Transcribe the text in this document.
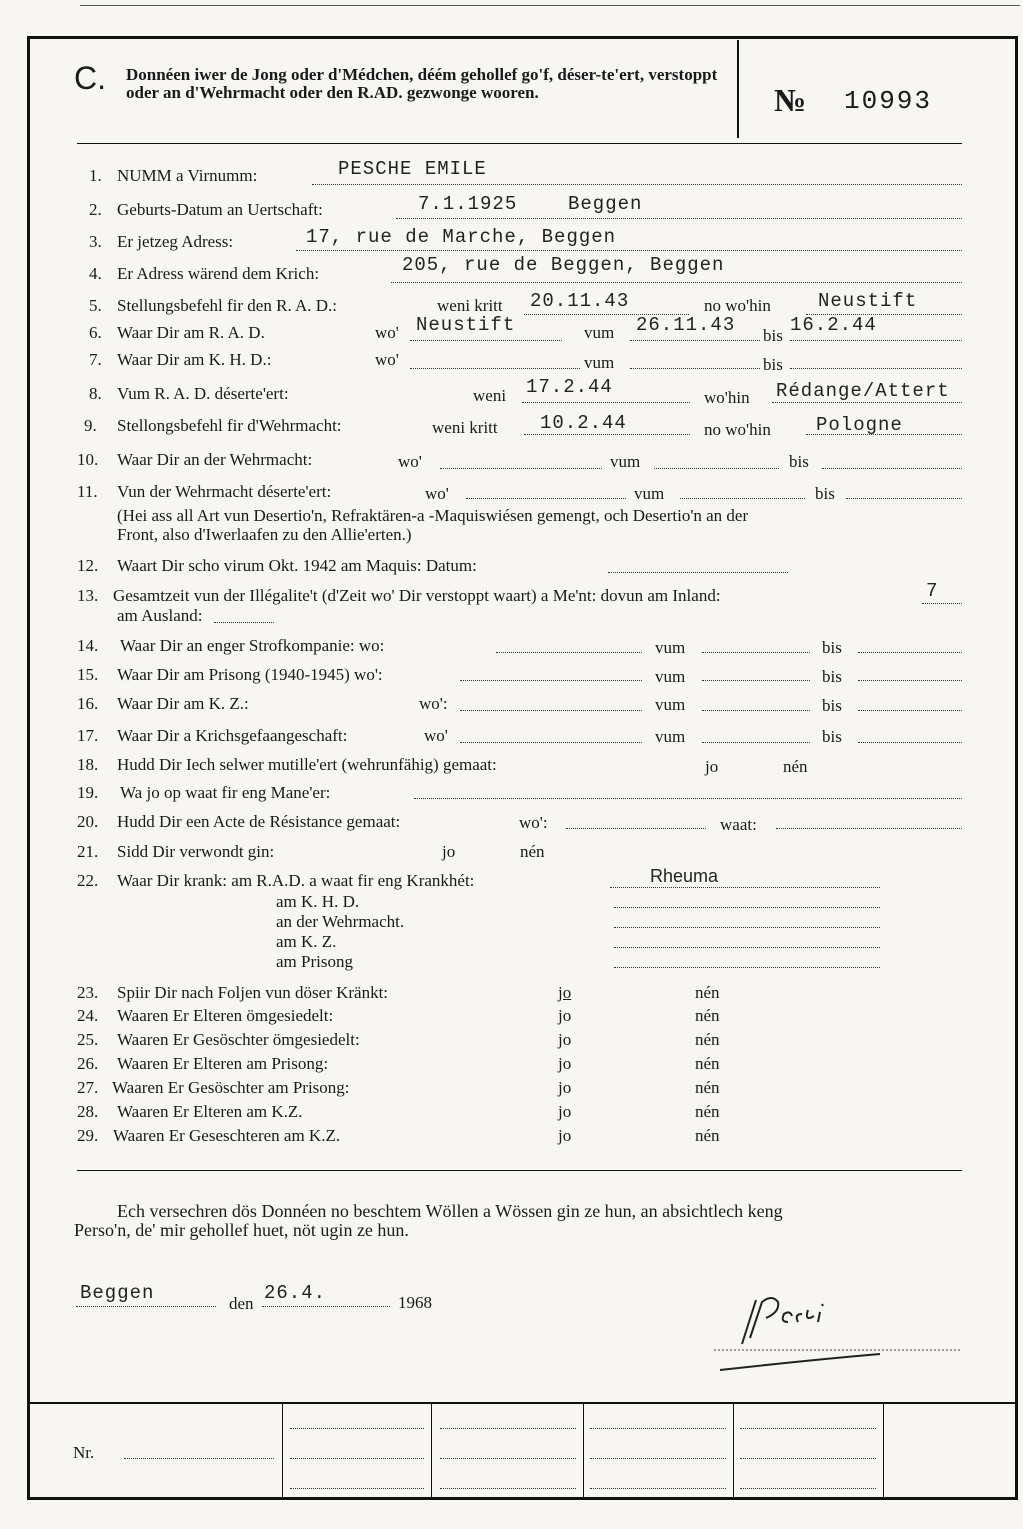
C. Donnéen iwer de Jong oder d'Médchen, déém gehollef go'f, déser-te'ert, verstoppt oder an d'Wehrmacht oder den R.AD. gezwonge wooren.	№ 10993
1. NUMM a Virnumm:	PESCHE EMILE
2. Geburts-Datum an Uertschaft:	7.1.1925	Beggen
3. Er jetzeg Adress:	17, rue de Marche, Beggen
4. Er Adress wärend dem Krich:	205, rue de Beggen, Beggen
5. Stellungsbefehl fir den R. A. D.:	weni kritt 20.11.43	no wo'hin Neustift
6. Waar Dir am R. A. D.	wo' Neustift	vum 26.11.43 bis 16.2.44
7. Waar Dir am K. H. D.:	wo'	vum	bis
8. Vum R. A. D. déserte'ert:	weni 17.2.44	wo'hin Rédange/Attert
9. Stellongsbefehl fir d'Wehrmacht:	weni kritt 10.2.44	no wo'hin Pologne
10. Waar Dir an der Wehrmacht:	wo'	vum	bis
11. Vun der Wehrmacht déserte'ert:	wo'	vum	bis
(Hei ass all Art vun Desertio'n, Refraktären-a -Maquiswiésen gemengt, och Desertio'n an der
Front, also d'Iwerlaafen zu den Allie'erten.)
12. Waart Dir scho virum Okt. 1942 am Maquis: Datum:
13. Gesamtzeit vun der Illégalite't (d'Zeit wo' Dir verstoppt waart) a Me'nt: dovun am Inland:	7
am Ausland:
14. Waar Dir an enger Strofkompanie: wo:	vum	bis
15. Waar Dir am Prisong (1940-1945) wo':	vum	bis
16. Waar Dir am K. Z.:	wo':	vum	bis
17. Waar Dir a Krichsgefaangeschaft:	wo'	vum	bis
18. Hudd Dir Iech selwer mutille'ert (wehrunfähig) gemaat:	jo	nén
19. Wa jo op waat fir eng Mane'er:
20. Hudd Dir een Acte de Résistance gemaat:	wo':	waat:
21. Sidd Dir verwondt gin:	jo	nén
22. Waar Dir krank: am R.A.D. a waat fir eng Krankhét:	Rheuma
am K. H. D.
an der Wehrmacht.
am K. Z.
am Prisong
23. Spiir Dir nach Foljen vun döser Kränkt:	jo	nén
24. Waaren Er Elteren ömgesiedelt:	jo	nén
25. Waaren Er Gesöschter ömgesiedelt:	jo	nén
26. Waaren Er Elteren am Prisong:	jo	nén
27. Waaren Er Gesöschter am Prisong:	jo	nén
28. Waaren Er Elteren am K.Z.	jo	nén
29. Waaren Er Geseschteren am K.Z.	jo	nén
Ech versechren dös Donnéen no beschtem Wöllen a Wössen gin ze hun, an absichtlech keng
Perso'n, de' mir gehollef huet, nöt ugin ze hun.
Beggen	den 26.4.	1968
Nr.
